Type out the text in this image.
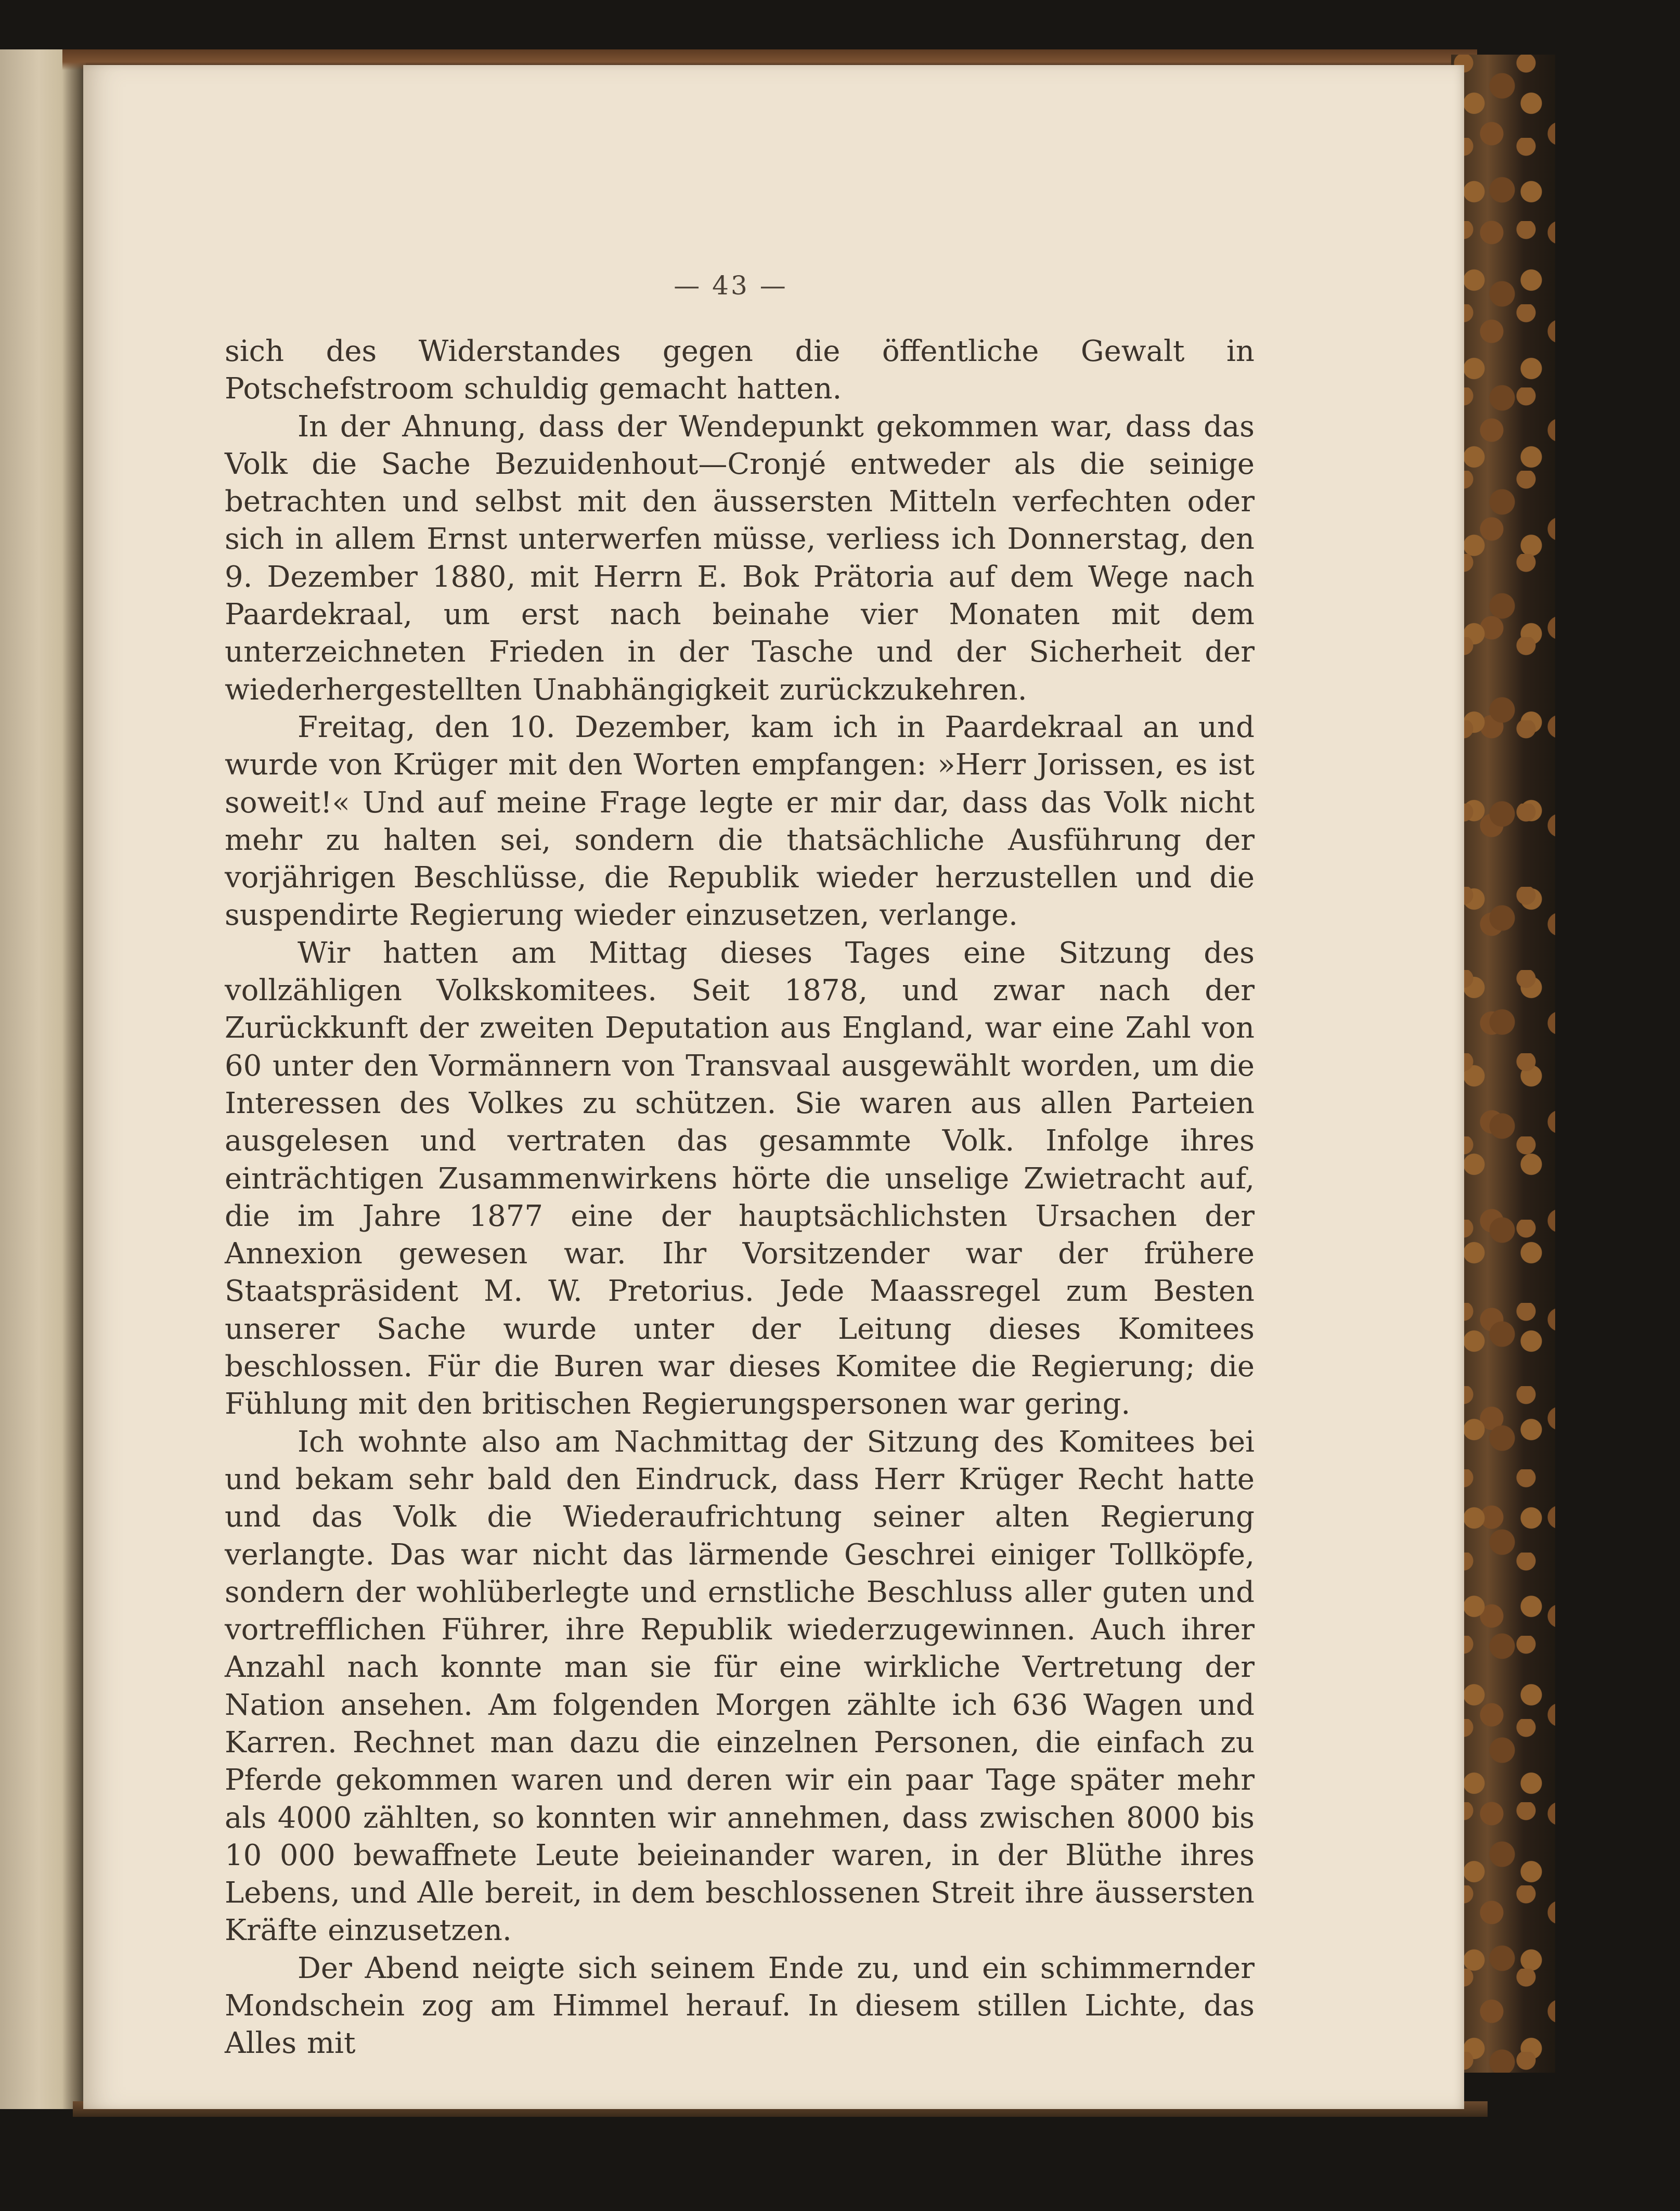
— 43 —

sich des Widerstandes gegen die öffentliche Gewalt in Potschefstroom schuldig gemacht hatten.

In der Ahnung, dass der Wendepunkt gekommen war, dass das Volk die Sache Bezuidenhout—Cronjé entweder als die seinige betrachten und selbst mit den äussersten Mitteln verfechten oder sich in allem Ernst unterwerfen müsse, verliess ich Donnerstag, den 9. Dezember 1880, mit Herrn E. Bok Prätoria auf dem Wege nach Paardekraal, um erst nach beinahe vier Monaten mit dem unterzeichneten Frieden in der Tasche und der Sicherheit der wiederhergestellten Unabhängigkeit zurückzukehren.

Freitag, den 10. Dezember, kam ich in Paardekraal an und wurde von Krüger mit den Worten empfangen: »Herr Jorissen, es ist soweit!« Und auf meine Frage legte er mir dar, dass das Volk nicht mehr zu halten sei, sondern die thatsächliche Ausführung der vorjährigen Beschlüsse, die Republik wieder herzustellen und die suspendirte Regierung wieder einzusetzen, verlange.

Wir hatten am Mittag dieses Tages eine Sitzung des vollzähligen Volkskomitees. Seit 1878, und zwar nach der Zurückkunft der zweiten Deputation aus England, war eine Zahl von 60 unter den Vormännern von Transvaal ausgewählt worden, um die Interessen des Volkes zu schützen. Sie waren aus allen Parteien ausgelesen und vertraten das gesammte Volk. Infolge ihres einträchtigen Zusammenwirkens hörte die unselige Zwietracht auf, die im Jahre 1877 eine der hauptsächlichsten Ursachen der Annexion gewesen war. Ihr Vorsitzender war der frühere Staatspräsident M. W. Pretorius. Jede Maassregel zum Besten unserer Sache wurde unter der Leitung dieses Komitees beschlossen. Für die Buren war dieses Komitee die Regierung; die Fühlung mit den britischen Regierungspersonen war gering.

Ich wohnte also am Nachmittag der Sitzung des Komitees bei und bekam sehr bald den Eindruck, dass Herr Krüger Recht hatte und das Volk die Wiederaufrichtung seiner alten Regierung verlangte. Das war nicht das lärmende Geschrei einiger Tollköpfe, sondern der wohlüberlegte und ernstliche Beschluss aller guten und vortrefflichen Führer, ihre Republik wiederzugewinnen. Auch ihrer Anzahl nach konnte man sie für eine wirkliche Vertretung der Nation ansehen. Am folgenden Morgen zählte ich 636 Wagen und Karren. Rechnet man dazu die einzelnen Personen, die einfach zu Pferde gekommen waren und deren wir ein paar Tage später mehr als 4000 zählten, so konnten wir annehmen, dass zwischen 8000 bis 10 000 bewaffnete Leute beieinander waren, in der Blüthe ihres Lebens, und Alle bereit, in dem beschlossenen Streit ihre äussersten Kräfte einzusetzen.

Der Abend neigte sich seinem Ende zu, und ein schimmernder Mondschein zog am Himmel herauf. In diesem stillen Lichte, das Alles mit
